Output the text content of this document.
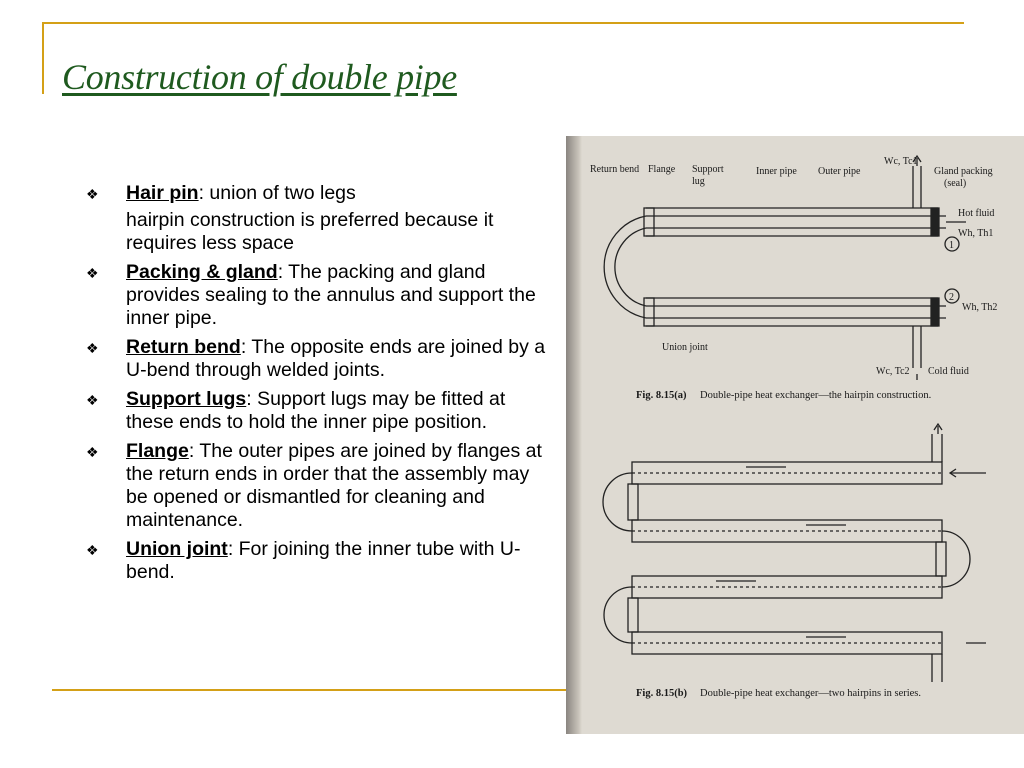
Construction of double pipe
❖ Hair pin: union of two legs
hairpin construction is preferred because it requires less space
❖ Packing & gland: The packing and gland provides sealing to the annulus and support the inner pipe.
❖ Return bend: The opposite ends are joined by a U-bend through welded joints.
❖ Support lugs: Support lugs may be fitted at these ends to hold the inner pipe position.
❖ Flange: The outer pipes are joined by flanges at the return ends in order that the assembly may be opened or dismantled for cleaning and maintenance.
❖ Union joint: For joining the inner tube with U-bend.
Return bend Flange Support
lug
Inner pipe Outer pipe
Wc, Tc1
Gland packing
(seal)
Hot fluid
Wh, Th1
1
2
Wh, Th2
Union joint
Wc, Tc2 Cold fluid
Fig. 8.15(a) Double-pipe heat exchanger—the hairpin construction.
Fig. 8.15(b) Double-pipe heat exchanger—two hairpins in series.
